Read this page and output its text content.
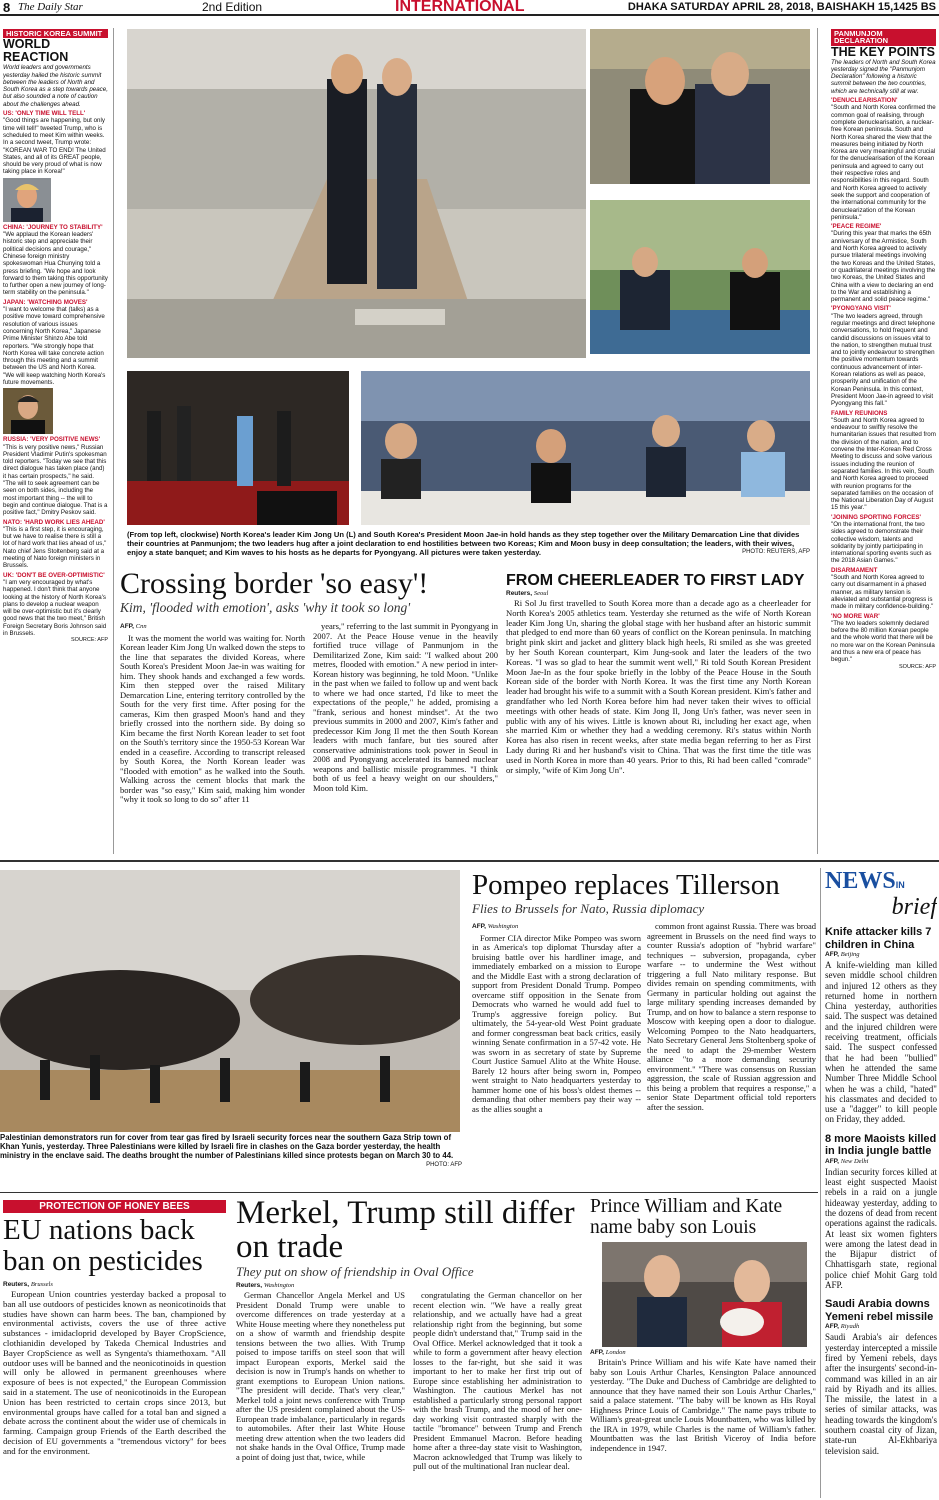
8 The Daily Star	2nd Edition	INTERNATIONAL	DHAKA SATURDAY APRIL 28, 2018, BAISHAKH 15,1425 BS
HISTORIC KOREA SUMMIT
WORLD REACTION
World leaders and governments yesterday hailed the historic summit between the leaders of North and South Korea as a step towards peace, but also sounded a note of caution about the challenges ahead.
US: 'ONLY TIME WILL TELL'
"Good things are happening, but only time will tell!" tweeted Trump, who is scheduled to meet Kim within weeks. In a second tweet, Trump wrote: "KOREAN WAR TO END! The United States, and all of its GREAT people, should be very proud of what is now taking place in Korea!"
CHINA: 'JOURNEY TO STABILITY'
"We applaud the Korean leaders' historic step and appreciate their political decisions and courage," Chinese foreign ministry spokeswoman Hua Chunying told a press briefing. "We hope and look forward to them taking this opportunity to further open a new journey of long-term stability on the peninsula."
JAPAN: 'WATCHING MOVES'
"I want to welcome that (talks) as a positive move toward comprehensive resolution of various issues concerning North Korea," Japanese Prime Minister Shinzo Abe told reporters. "We strongly hope that North Korea will take concrete action through this meeting and a summit between the US and North Korea. "We will keep watching North Korea's future movements.
RUSSIA: 'VERY POSITIVE NEWS'
"This is very positive news," Russian President Vladimir Putin's spokesman told reporters. "Today we see that this direct dialogue has taken place (and) it has certain prospects," he said. "The will to seek agreement can be seen on both sides, including the most important thing -- the will to begin and continue dialogue. That is a positive fact," Dmitry Peskov said.
NATO: 'HARD WORK LIES AHEAD'
"This is a first step, it is encouraging, but we have to realise there is still a lot of hard work that lies ahead of us," Nato chief Jens Stoltenberg said at a meeting of Nato foreign ministers in Brussels.
UK: 'DON'T BE OVER-OPTIMISTIC'
"I am very encouraged by what's happened. I don't think that anyone looking at the history of North Korea's plans to develop a nuclear weapon will be over-optimistic but it's clearly good news that the two meet," British Foreign Secretary Boris Johnson said in Brussels.
SOURCE: AFP
(From top left, clockwise) North Korea's leader Kim Jong Un (L) and South Korea's President Moon Jae-in hold hands as they step together over the Military Demarcation Line that divides their countries at Panmunjom; the two leaders hug after a joint declaration to end hostilities between two Koreas; Kim and Moon busy in deep consultation; the leaders, with their wives, enjoy a state banquet; and Kim waves to his hosts as he departs for Pyongyang. All pictures were taken yesterday.	PHOTO: REUTERS, AFP
Crossing border 'so easy'!
Kim, 'flooded with emotion', asks 'why it took so long'
AFP, Cnn

It was the moment the world was waiting for. North Korean leader Kim Jong Un walked down the steps to the line that separates the divided Koreas, where South Korea's President Moon Jae-in was waiting for him. They shook hands and exchanged a few words. Kim then stepped over the raised Military Demarcation Line, entering territory controlled by the South for the very first time. After posing for the cameras, Kim then grasped Moon's hand and they briefly crossed into the northern side. By doing so Kim became the first North Korean leader to set foot on the South's territory since the 1950-53 Korean War ended in a ceasefire. According to transcript released by South Korea, the North Korean leader was "flooded with emotion" as he walked into the South. Walking across the cement blocks that mark the border was "so easy," Kim said, making him wonder "why it took so long to do so" after 11

years," referring to the last summit in Pyongyang in 2007. At the Peace House venue in the heavily fortified truce village of Panmunjom in the Demilitarized Zone, Kim said: "I walked about 200 metres, flooded with emotion." A new period in inter-Korean history was beginning, he told Moon. "Unlike in the past when we failed to follow up and went back to where we had once started, I'd like to meet the expectations of the people," he added, promising a "frank, serious and honest mindset". At the two previous summits in 2000 and 2007, Kim's father and predecessor Kim Jong Il met the then South Korean leaders with much fanfare, but ties soured after conservative administrations took power in Seoul in 2008 and Pyongyang accelerated its banned nuclear weapons and ballistic missile programmes. "I think both of us feel a heavy weight on our shoulders," Moon told Kim.

FROM CHEERLEADER TO FIRST LADY
Reuters, Seoul

Ri Sol Ju first travelled to South Korea more than a decade ago as a cheerleader for North Korea's 2005 athletics team. Yesterday she returned as the wife of North Korean leader Kim Jong Un, sharing the global stage with her husband after an historic summit that pledged to end more than 60 years of conflict on the Korean peninsula. In matching bright pink skirt and jacket and glittery black high heels, Ri smiled as she was greeted by her South Korean counterpart, Kim Jung-sook and later the leaders of the two Koreas. "I was so glad to hear the summit went well," Ri told South Korean President Moon Jae-In as the four spoke briefly in the lobby of the Peace House in the South Korean side of the border with North Korea. It was the first time any North Korean leader had brought his wife to a summit with a South Korean president. Kim's father and grandfather who led North Korea before him had never taken their wives to official meetings with other heads of state. Kim Jong Il, Jong Un's father, was never seen in public with any of his wives. Little is known about Ri, including her exact age, when she married Kim or whether they had a wedding ceremony. Ri's status within North Korea has also risen in recent weeks, after state media began referring to her as First Lady during Ri and her husband's visit to China. That was the first time the title was used in North Korea in more than 40 years. Prior to this, Ri had been called "comrade" or simply, "wife of Kim Jong Un".

PANMUNJOM DECLARATION
THE KEY POINTS
The leaders of North and South Korea yesterday signed the "Panmunjom Declaration" following a historic summit between the two countries, which are technically still at war.
'DENUCLEARISATION'
"South and North Korea confirmed the common goal of realising, through complete denuclearisation, a nuclear-free Korean peninsula. South and North Korea shared the view that the measures being initiated by North Korea are very meaningful and crucial for the denuclearisation of the Korean peninsula and agreed to carry out their respective roles and responsibilities in this regard. South and North Korea agreed to actively seek the support and cooperation of the international community for the denuclearization of the Korean peninsula."
'PEACE REGIME'
"During this year that marks the 65th anniversary of the Armistice, South and North Korea agreed to actively pursue trilateral meetings involving the two Koreas and the United States, or quadrilateral meetings involving the two Koreas, the United States and China with a view to declaring an end to the War and establishing a permanent and solid peace regime."
'PYONGYANG VISIT'
"The two leaders agreed, through regular meetings and direct telephone conversations, to hold frequent and candid discussions on issues vital to the nation, to strengthen mutual trust and to jointly endeavour to strengthen the positive momentum towards continuous advancement of inter-Korean relations as well as peace, prosperity and unification of the Korean Peninsula. In this context, President Moon Jae-in agreed to visit Pyongyang this fall."
FAMILY REUNIONS
"South and North Korea agreed to endeavour to swiftly resolve the humanitarian issues that resulted from the division of the nation, and to convene the Inter-Korean Red Cross Meeting to discuss and solve various issues including the reunion of separated families. In this vein, South and North Korea agreed to proceed with reunion programs for the separated families on the occasion of the National Liberation Day of August 15 this year."
'JOINING SPORTING FORCES'
"On the international front, the two sides agreed to demonstrate their collective wisdom, talents and solidarity by jointly participating in international sporting events such as the 2018 Asian Games."
DISARMAMENT
"South and North Korea agreed to carry out disarmament in a phased manner, as military tension is alleviated and substantial progress is made in military confidence-building."
'NO MORE WAR'
"The two leaders solemnly declared before the 80 million Korean people and the whole world that there will be no more war on the Korean Peninsula and thus a new era of peace has begun."
SOURCE: AFP
Palestinian demonstrators run for cover from tear gas fired by Israeli security forces near the southern Gaza Strip town of Khan Yunis, yesterday. Three Palestinians were killed by Israeli fire in clashes on the Gaza border yesterday, the health ministry in the enclave said. The deaths brought the number of Palestinians killed since protests began on March 30 to 44.
PHOTO: AFP
Pompeo replaces Tillerson
Flies to Brussels for Nato, Russia diplomacy
AFP, Washington

Former CIA director Mike Pompeo was sworn in as America's top diplomat Thursday after a bruising battle over his hardliner image, and immediately embarked on a mission to Europe and the Middle East with a strong declaration of support from President Donald Trump. Pompeo overcame stiff opposition in the Senate from Democrats who warned he would add fuel to Trump's aggressive foreign policy. But ultimately, the 54-year-old West Point graduate and former congressman beat back critics, easily winning Senate confirmation in a 57-42 vote. He was sworn in as secretary of state by Supreme Court Justice Samuel Alito at the White House. Barely 12 hours after being sworn in, Pompeo went straight to Nato headquarters yesterday to hammer home one of his boss's oldest themes -- demanding that other members pay their way -- as the allies sought a

common front against Russia. There was broad agreement in Brussels on the need find ways to counter Russia's adoption of "hybrid warfare" techniques -- subversion, propaganda, cyber warfare -- to undermine the West without triggering a full Nato military response. But divides remain on spending commitments, with Germany in particular holding out against the large military spending increases demanded by Trump, and on how to balance a stern response to Moscow with keeping open a door to dialogue. Welcoming Pompeo to the Nato headquarters, Nato Secretary General Jens Stoltenberg spoke of the need to adapt the 29-member Western alliance "to a more demanding security environment." "There was consensus on Russian aggression, the scale of Russian aggression and this being a problem that requires a response," a senior State Department official told reporters after the session.

NEWSIN
brief
Knife attacker kills 7 children in China
AFP, Beijing
A knife-wielding man killed seven middle school children and injured 12 others as they returned home in northern China yesterday, authorities said. The suspect was detained and the injured children were receiving treatment, officials said. The suspect confessed that he had been "bullied" when he attended the same Number Three Middle School when he was a child, "hated" his classmates and decided to use a "dagger" to kill people on Friday, they added.
8 more Maoists killed in India jungle battle
AFP, New Delhi
Indian security forces killed at least eight suspected Maoist rebels in a raid on a jungle hideaway yesterday, adding to the dozens of dead from recent operations against the radicals. At least six women fighters were among the latest dead in the Bijapur district of Chhattisgarh state, regional police chief Mohit Garg told AFP.
Saudi Arabia downs Yemeni rebel missile
AFP, Riyadh
Saudi Arabia's air defences yesterday intercepted a missile fired by Yemeni rebels, days after the insurgents' second-in-command was killed in an air raid by Riyadh and its allies. The missile, the latest in a series of similar attacks, was heading towards the kingdom's southern coastal city of Jizan, state-run Al-Ekhbariya television said.
PROTECTION OF HONEY BEES
EU nations back ban on pesticides
Reuters, Brussels

European Union countries yesterday backed a proposal to ban all use outdoors of pesticides known as neonicotinoids that studies have shown can harm bees. The ban, championed by environmental activists, covers the use of three active substances - imidacloprid developed by Bayer CropScience, clothianidin developed by Takeda Chemical Industries and Bayer CropScience as well as Syngenta's thiamethoxam. "All outdoor uses will be banned and the neonicotinoids in question will only be allowed in permanent greenhouses where exposure of bees is not expected," the European Commission said in a statement. The use of neonicotinoids in the European Union has been restricted to certain crops since 2013, but environmental groups have called for a total ban and signed a debate across the continent about the wider use of chemicals in farming. Campaign group Friends of the Earth described the decision of EU governments a "tremendous victory" for bees and for the environment.

Merkel, Trump still differ on trade
They put on show of friendship in Oval Office
Reuters, Washington

German Chancellor Angela Merkel and US President Donald Trump were unable to overcome differences on trade yesterday at a White House meeting where they nonetheless put on a show of warmth and friendship despite tensions between the two allies. With Trump poised to impose tariffs on steel soon that will impact European exports, Merkel said the decision is now in Trump's hands on whether to grant exemptions to European Union nations. "The president will decide. That's very clear," Merkel told a joint news conference with Trump after the US president complained about the US-European trade imbalance, particularly in regards to automobiles. After their last White House meeting drew attention when the two leaders did not shake hands in the Oval Office, Trump made a point of doing just that, twice, while

congratulating the German chancellor on her recent election win. "We have a really great relationship, and we actually have had a great relationship right from the beginning, but some people didn't understand that," Trump said in the Oval Office. Merkel acknowledged that it took a while to form a government after heavy election losses to the far-right, but she said it was important to her to make her first trip out of Europe since establishing her administration to Washington. The cautious Merkel has not established a particularly strong personal rapport with the brash Trump, and the mood of her one-day working visit contrasted sharply with the tactile "bromance" between Trump and French President Emmanuel Macron. Before heading home after a three-day state visit to Washington, Macron acknowledged that Trump was likely to pull out of the multinational Iran nuclear deal.

Prince William and Kate name baby son Louis
AFP, London

Britain's Prince William and his wife Kate have named their baby son Louis Arthur Charles, Kensington Palace announced yesterday. "The Duke and Duchess of Cambridge are delighted to announce that they have named their son Louis Arthur Charles," said a palace statement. "The baby will be known as His Royal Highness Prince Louis of Cambridge." The name pays tribute to William's great-great uncle Louis Mountbatten, who was killed by the IRA in 1979, while Charles is the name of William's father. Mountbatten was the last British Viceroy of India before independence in 1947.
